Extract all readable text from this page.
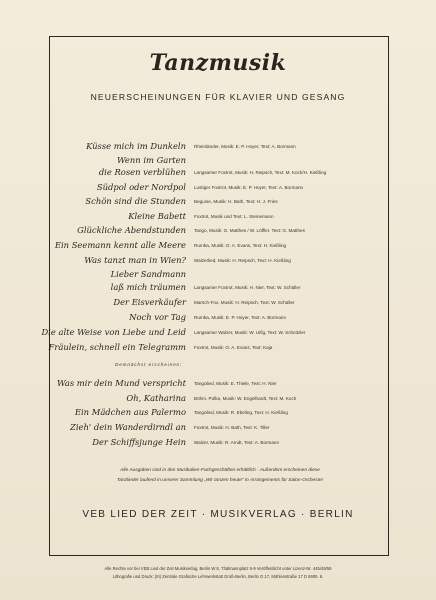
Tanzmusik
NEUERSCHEINUNGEN FÜR KLAVIER UND GESANG
Küsse mich im Dunkeln Rheinländer, Musik: E. P. Hoyer, Text: A. Bormann
Wenn im Garten
die Rosen verblühen Langsamer Foxtrot, Musik: H. Reipsch, Text: M. Koch/H. Kießling
Südpol oder Nordpol Lustiger Foxtrot, Musik: E. P. Hoyer, Text: A. Bormann
Schön sind die Stunden Beguine, Musik: H. Bath, Text: H. J. Fries
Kleine Babett Foxtrot, Musik und Text: L. Steinemann
Glückliche Abendstunden Tango, Musik: G. Matthes / W. Löffler, Text: G. Matthes
Ein Seemann kennt alle Meere Rumba, Musik: O. A. Evans, Text: H. Kießling
Was tanzt man in Wien? Walzerlied, Musik: H. Reipsch, Text: H. Kießling
Lieber Sandmann
laß mich träumen Langsamer Foxtrot, Musik: H. Nier, Text: W. Schüller
Der Eisverkäufer Marsch-Fox, Musik: H. Reipsch, Text: W. Schüller
Noch vor Tag Rumba, Musik: E. P. Hoyer, Text: A. Bormann
Die alte Weise von Liebe und Leid Langsamer Walzer, Musik: W. Uifig, Text: W. Schnitzler
Fräulein, schnell ein Telegramm Foxtrot, Musik: O. A. Evans, Text: Kaja
Demnächst erscheinen:
Was mir dein Mund verspricht Tangolied, Musik: E. Thiele, Text: H. Nier
Oh, Katharina Böhm. Polka, Musik: W. Engelhardt, Text: M. Koch
Ein Mädchen aus Palermo Tangolied, Musik: R. Ebeling, Text: H. Kießling
Zieh' dein Wanderdirndl an Foxtrot, Musik: H. Bath, Text: K. Tiller
Der Schiffsjunge Hein Walzer, Musik: R. Arndt, Text: A. Bormann
Alle Ausgaben sind in den Musikalien-Fachgeschäften erhältlich · Außerdem erscheinen diese
Tanzlieder laufend in unserer Sammlung „Wir tanzen heute" in Arrangements für Salon-Orchester
VEB LIED DER ZEIT · MUSIKVERLAG · BERLIN
Alle Rechte vor bei VEB Lied der Zeit Musikverlag, Berlin W 8, Thälmannplatz 6-9 Veröffentlicht unter Lizenz-Nr. 445/49/59
Lithografie und Druck: (III) Zentrale Grafische Lehrwerkstatt Groß-Berlin, Berlin O 17, Mühlenstraße 17 D 6905. 6.
